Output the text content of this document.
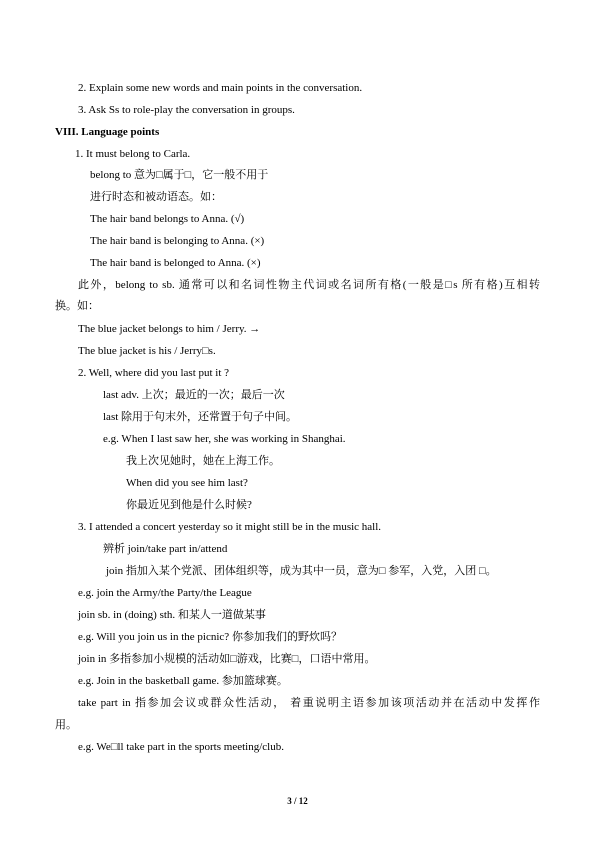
2. Explain some new words and main points in the conversation.
3. Ask Ss to role-play the conversation in groups.
VIII. Language points
1. It must belong to Carla.
belong to 意为□属于□，它一般不用于
进行时态和被动语态。如：
The hair band belongs to Anna. (√)
The hair band is belonging to Anna. (×)
The hair band is belonged to Anna. (×)
此外，belong to sb. 通常可以和名词性物主代词或名词所有格(一般是□s 所有格)互相转
换。如：
The blue jacket belongs to him / Jerry. →
The blue jacket is his / Jerry□s.
2. Well, where did you last put it ?
last adv. 上次；最近的一次；最后一次
last 除用于句末外，还常置于句子中间。
e.g. When I last saw her, she was working in Shanghai.
我上次见她时，她在上海工作。
When did you see him last?
你最近见到他是什么时候?
3. I attended a concert yesterday so it might still be in the music hall.
辨析 join/take part in/attend
join 指加入某个党派、团体组织等，成为其中一员，意为□ 参军，入党，入团 □。
e.g. join the Army/the Party/the League
join sb. in (doing) sth. 和某人一道做某事
e.g. Will you join us in the picnic? 你参加我们的野炊吗？
join in 多指参加小规模的活动如□游戏，比赛□，口语中常用。
e.g. Join in the basketball game. 参加篮球赛。
take part in 指参加会议或群众性活动， 着重说明主语参加该项活动并在活动中发挥作
用。
e.g. We□ll take part in the sports meeting/club.
3 / 12
